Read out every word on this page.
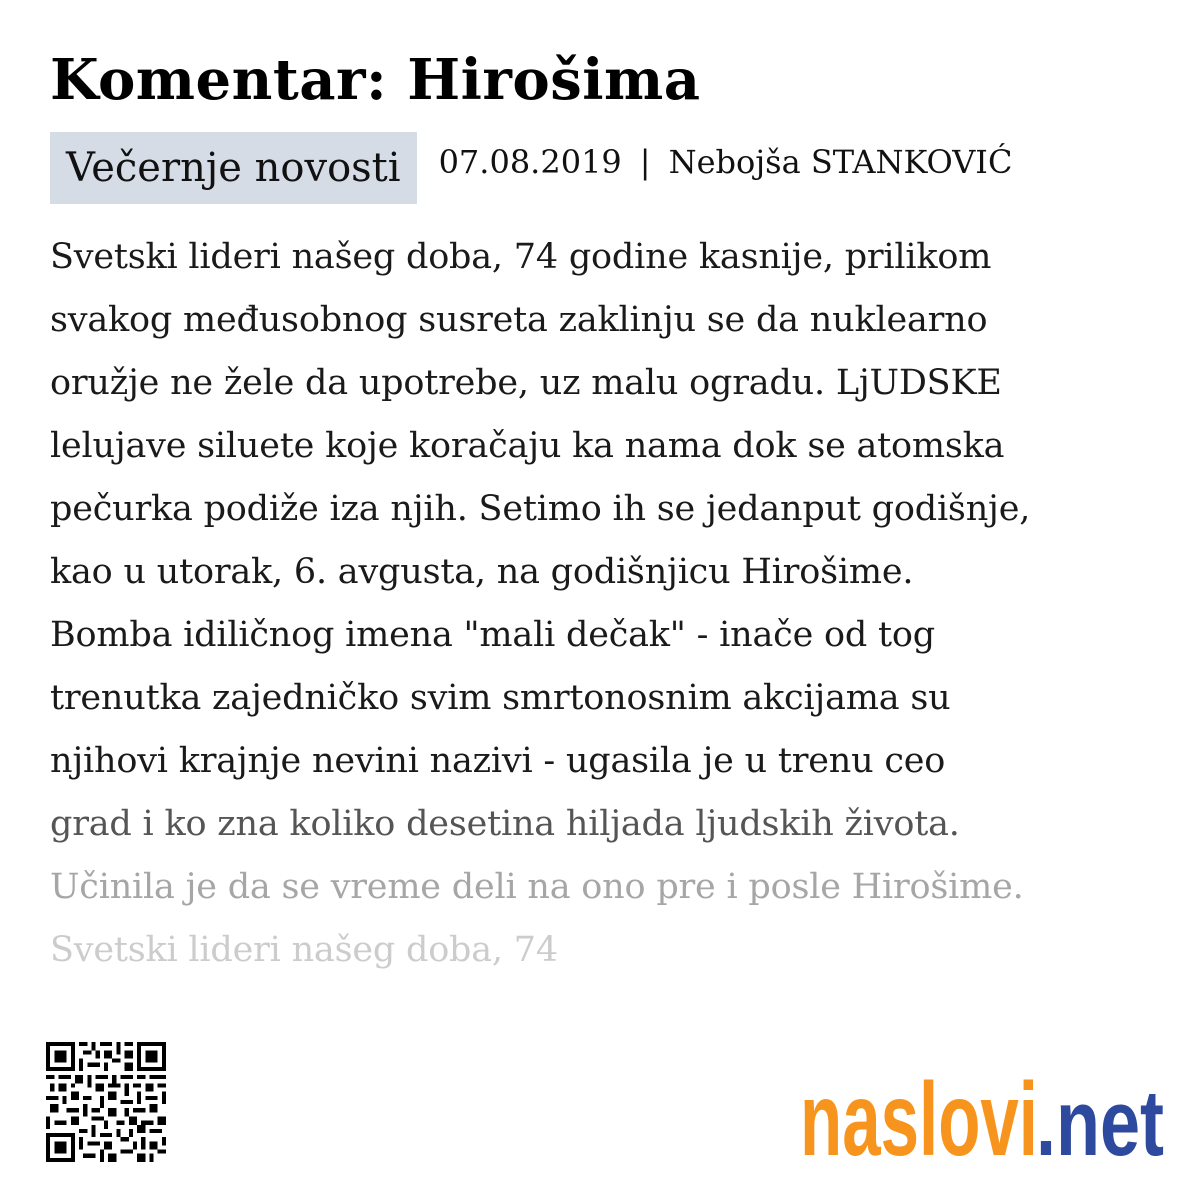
Komentar: Hirošima
Večernje novosti 07.08.2019 | Nebojša STANKOVIĆ
Svetski lideri našeg doba, 74 godine kasnije, prilikom
svakog međusobnog susreta zaklinju se da nuklearno
oružje ne žele da upotrebe, uz malu ogradu. LjUDSKE
lelujave siluete koje koračaju ka nama dok se atomska
pečurka podiže iza njih. Setimo ih se jedanput godišnje,
kao u utorak, 6. avgusta, na godišnjicu Hirošime.
Bomba idiličnog imena "mali dečak" - inače od tog
trenutka zajedničko svim smrtonosnim akcijama su
njihovi krajnje nevini nazivi - ugasila je u trenu ceo
grad i ko zna koliko desetina hiljada ljudskih života.
Učinila je da se vreme deli na ono pre i posle Hirošime.
Svetski lideri našeg doba, 74
naslovi
.net
